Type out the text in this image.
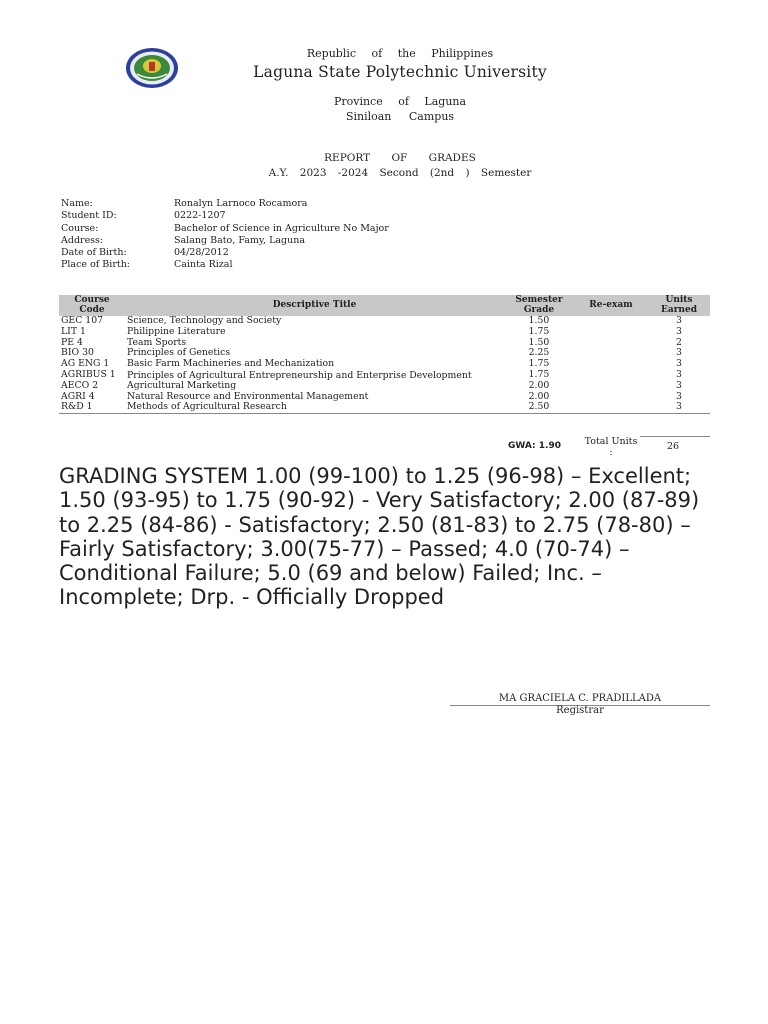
Republic of the Philippines
Laguna State Polytechnic University
Province of Laguna
Siniloan Campus
REPORT OF GRADES
A.Y. 2023 -2024 Second (2nd ) Semester
Name:	Ronalyn Larnoco Rocamora
Student ID:	0222-1207
Course:	Bachelor of Science in Agriculture No Major
Address:	Salang Bato, Famy, Laguna
Date of Birth:	04/28/2012
Place of Birth:	Cainta Rizal
Course Code	Descriptive Title	Semester Grade	Re-exam	Units Earned
GEC 107	Science, Technology and Society	1.50		3
LIT 1	Philippine Literature	1.75		3
PE 4	Team Sports	1.50		2
BIO 30	Principles of Genetics	2.25		3
AG ENG 1	Basic Farm Machineries and Mechanization	1.75		3
AGRIBUS 1	Principles of Agricultural Entrepreneurship and Enterprise Development	1.75		3
AECO 2	Agricultural Marketing	2.00		3
AGRI 4	Natural Resource and Environmental Management	2.00		3
R&D 1	Methods of Agricultural Research	2.50		3
GWA: 1.90 Total Units :
26
GRADING SYSTEM 1.00 (99-100) to 1.25 (96-98) – Excellent; 1.50 (93-95) to 1.75 (90-92) - Very Satisfactory; 2.00 (87-89) to 2.25 (84-86) - Satisfactory; 2.50 (81-83) to 2.75 (78-80) – Fairly Satisfactory; 3.00(75-77) – Passed; 4.0 (70-74) – Conditional Failure; 5.0 (69 and below) Failed; Inc. – Incomplete; Drp. - Officially Dropped
MA GRACIELA C. PRADILLADA
Registrar
